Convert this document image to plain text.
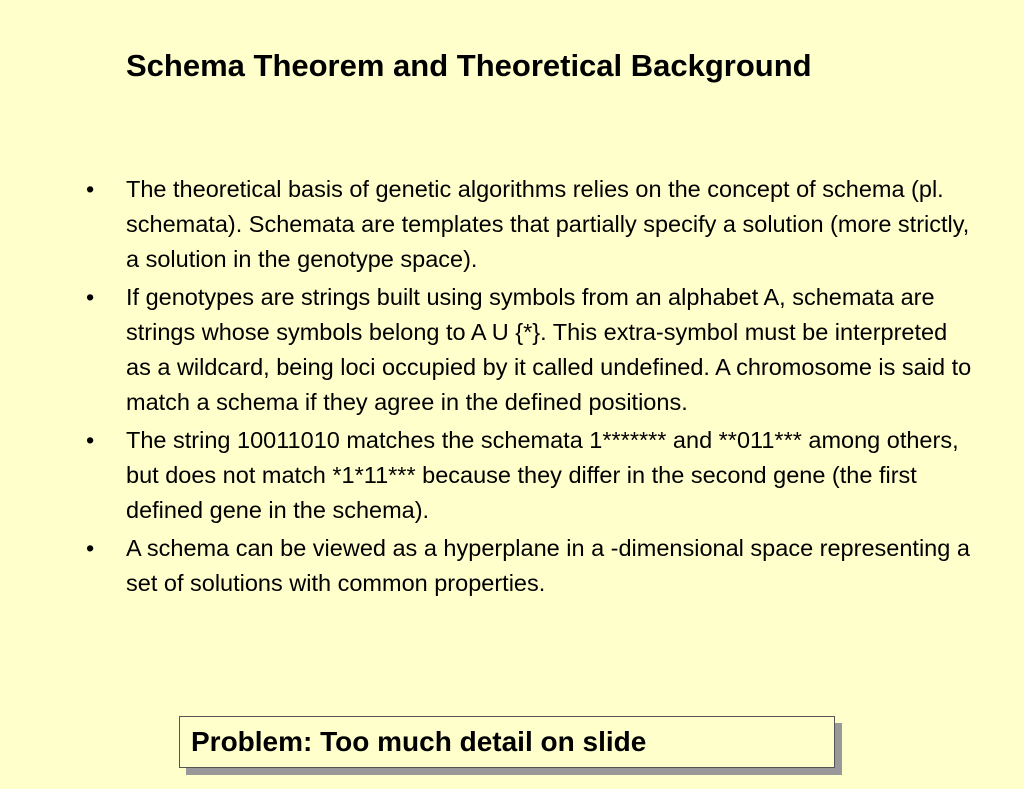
Schema Theorem and Theoretical Background
•	The theoretical basis of genetic algorithms relies on the concept of schema (pl. schemata). Schemata are templates that partially specify a solution (more strictly, a solution in the genotype space).
•	If genotypes are strings built using symbols from an alphabet A, schemata are strings whose symbols belong to A U {*}. This extra-symbol must be interpreted as a wildcard, being loci occupied by it called undefined. A chromosome is said to match a schema if they agree in the defined positions.
•	The string 10011010 matches the schemata 1******* and **011*** among others, but does not match *1*11*** because they differ in the second gene (the first defined gene in the schema).
•	A schema can be viewed as a hyperplane in a -dimensional space representing a set of solutions with common properties.
Problem: Too much detail on slide
